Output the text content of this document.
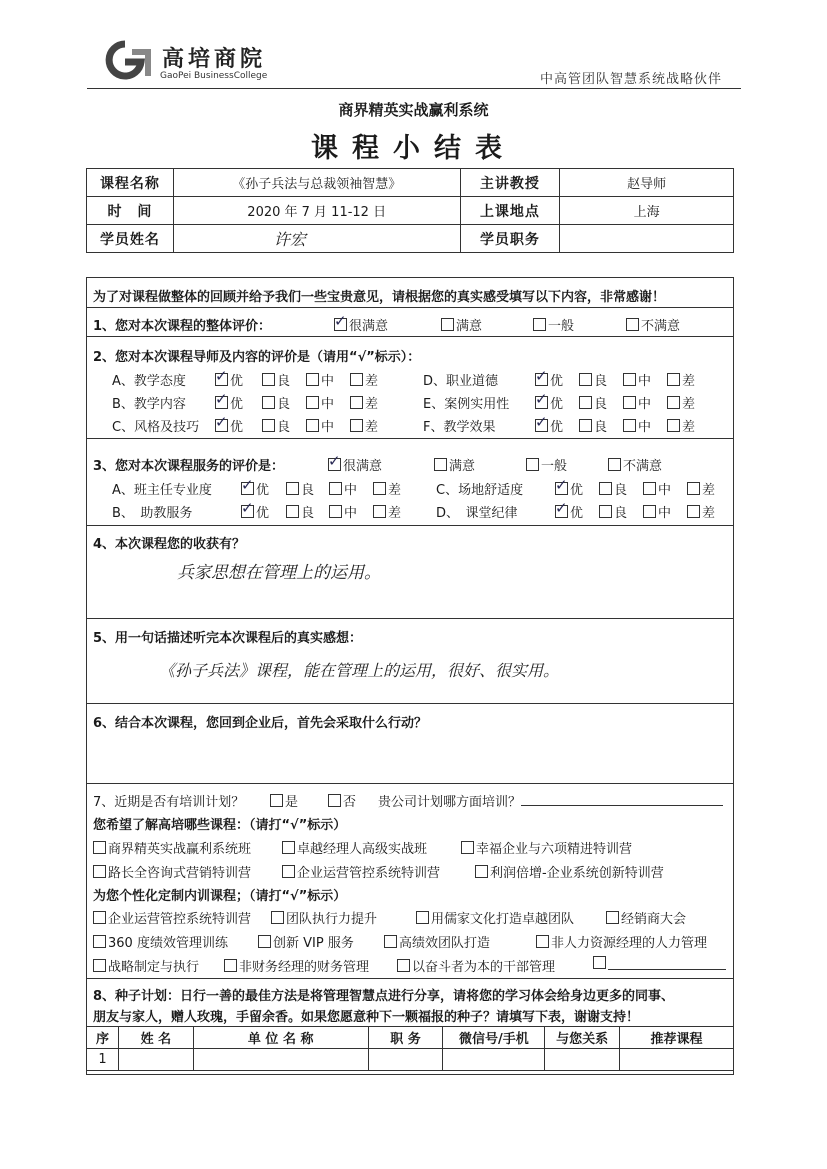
高培商院
GaoPei BusinessCollege	中高管团队智慧系统战略伙伴
商界精英实战赢利系统
课程小结表
课程名称	《孙子兵法与总裁领袖智慧》	主讲教授	赵导师
时　间	2020 年 7 月 11-12 日	上课地点	上海
学员姓名	许宏	学员职务	
为了对课程做整体的回顾并给予我们一些宝贵意见，请根据您的真实感受填写以下内容，非常感谢！
1、您对本次课程的整体评价： ✓	很满意	满意	一般	不满意
2、您对本次课程导师及内容的评价是（请用“√”标示）：
A、教学态度 ✓	优	良	中	差	D、职业道德 ✓	优	良	中	差
B、教学内容 ✓	优	良	中	差	E、案例实用性 ✓	优	良	中	差
C、风格及技巧 ✓	优	良	中	差	F、教学效果 ✓	优	良	中	差
3、您对本次课程服务的评价是： ✓	很满意	满意	一般	不满意
A、班主任专业度 ✓	优	良	中	差	C、场地舒适度 ✓	优	良	中	差
B、　助教服务 ✓	优	良	中	差	D、　课堂纪律 ✓	优	良	中	差
4、本次课程您的收获有？
兵家思想在管理上的运用。
5、用一句话描述听完本次课程后的真实感想：
《孙子兵法》课程，能在管理上的运用，很好、很实用。
6、结合本次课程，您回到企业后，首先会采取什么行动？
7、近期是否有培训计划？	是	否 贵公司计划哪方面培训？
您希望了解高培哪些课程：（请打“√”标示）
商界精英实战赢利系统班	卓越经理人高级实战班	幸福企业与六项精进特训营
路长全咨询式营销特训营	企业运营管控系统特训营	利润倍增-企业系统创新特训营
为您个性化定制内训课程；（请打“√”标示）
企业运营管控系统特训营	团队执行力提升	用儒家文化打造卓越团队	经销商大会
360 度绩效管理训练	创新 VIP 服务	高绩效团队打造	非人力资源经理的人力管理
战略制定与执行	非财务经理的财务管理	以奋斗者为本的干部管理
8、种子计划：日行一善的最佳方法是将管理智慧点进行分享，请将您的学习体会给身边更多的同事、
朋友与家人，赠人玫瑰，手留余香。如果您愿意种下一颗福报的种子？请填写下表，谢谢支持！
序	姓 名	单 位 名 称	职 务	微信号/手机	与您关系	推荐课程
1						
